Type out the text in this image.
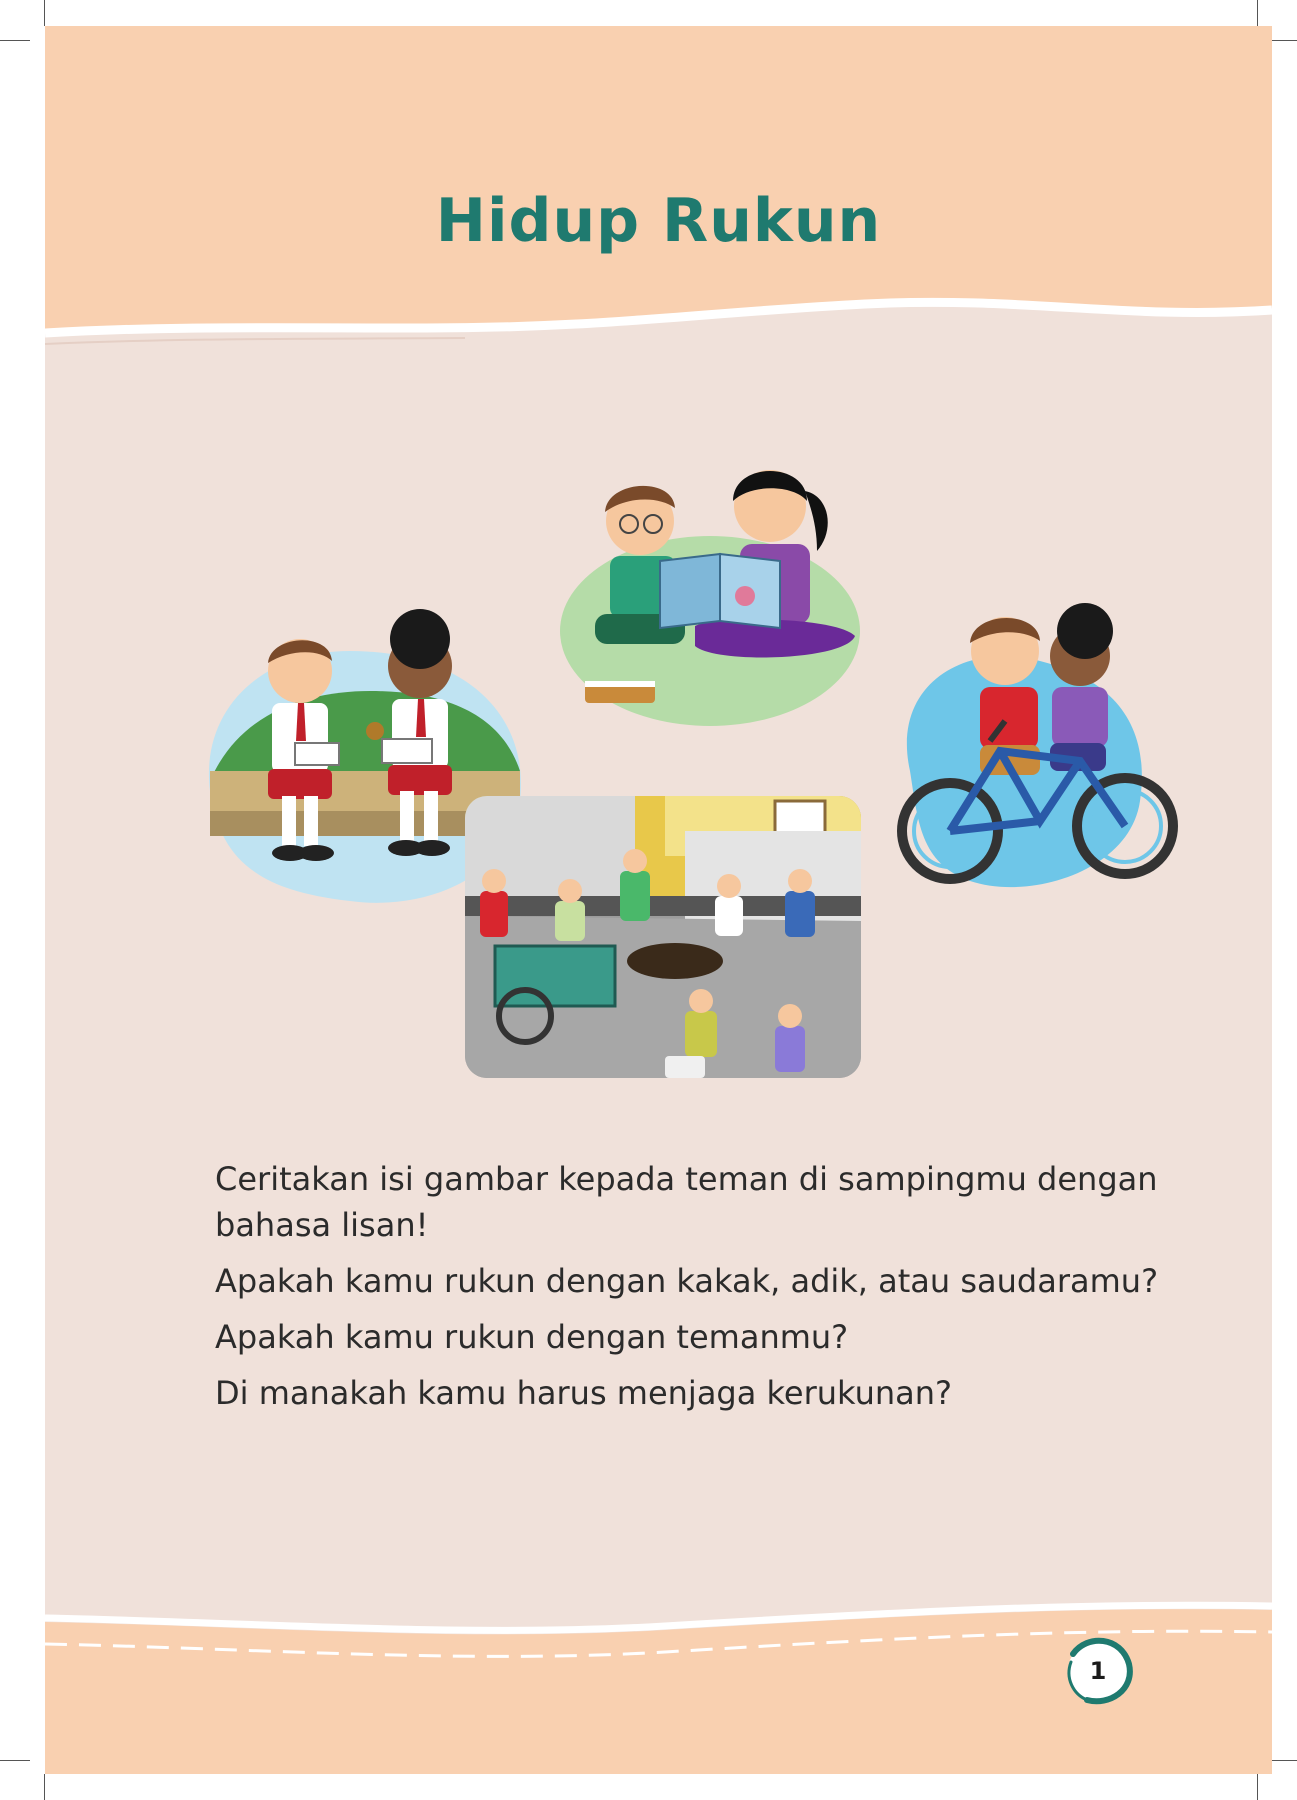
Hidup Rukun

Ceritakan isi gambar kepada teman di sampingmu dengan bahasa lisan!

Apakah kamu rukun dengan kakak, adik, atau saudaramu?

Apakah kamu rukun dengan temanmu?

Di manakah kamu harus menjaga kerukunan?

1
